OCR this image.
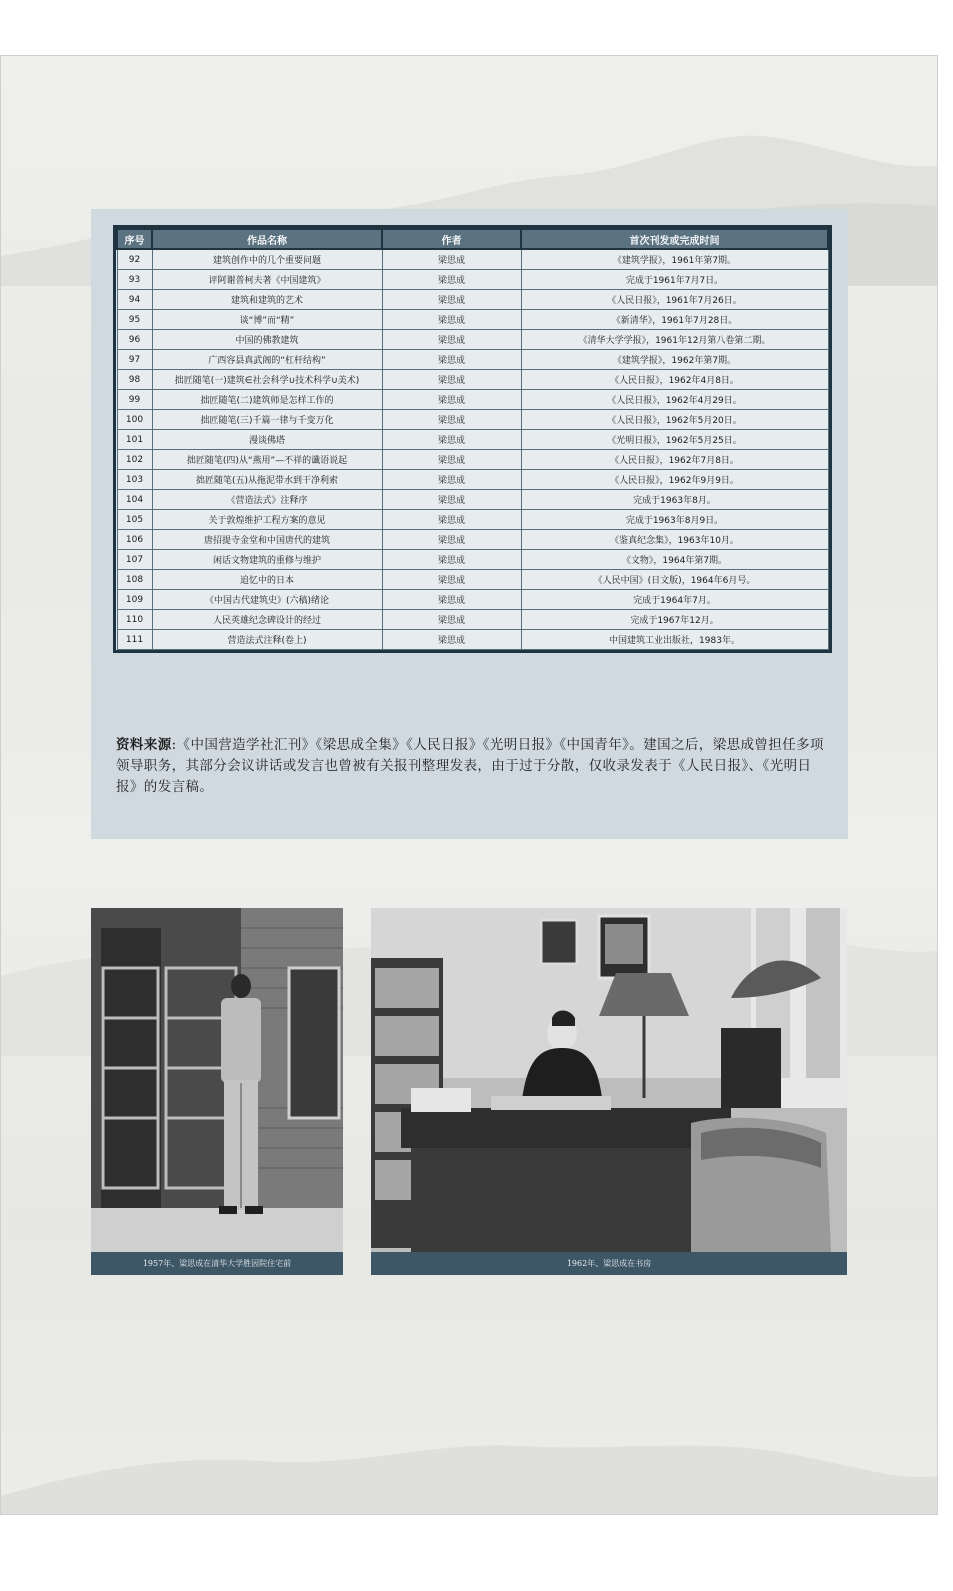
序号	作品名称	作者	首次刊发或完成时间
92	建筑创作中的几个重要问题	梁思成	《建筑学报》，1961年第7期。
93	评阿谢普柯夫著《中国建筑》	梁思成	完成于1961年7月7日。
94	建筑和建筑的艺术	梁思成	《人民日报》，1961年7月26日。
95	谈“博”而“精”	梁思成	《新清华》，1961年7月28日。
96	中国的佛教建筑	梁思成	《清华大学学报》，1961年12月第八卷第二期。
97	广西容县真武阁的“杠杆结构”	梁思成	《建筑学报》，1962年第7期。
98	拙匠随笔(一)建筑∈社会科学∪技术科学∪美术)	梁思成	《人民日报》，1962年4月8日。
99	拙匠随笔(二)建筑师是怎样工作的	梁思成	《人民日报》，1962年4月29日。
100	拙匠随笔(三)千篇一律与千变万化	梁思成	《人民日报》，1962年5月20日。
101	漫谈佛塔	梁思成	《光明日报》，1962年5月25日。
102	拙匠随笔(四)从“燕用”—不祥的谶语说起	梁思成	《人民日报》，1962年7月8日。
103	拙匠随笔(五)从拖泥带水到干净利索	梁思成	《人民日报》，1962年9月9日。
104	《营造法式》注释序	梁思成	完成于1963年8月。
105	关于敦煌维护工程方案的意见	梁思成	完成于1963年8月9日。
106	唐招提寺金堂和中国唐代的建筑	梁思成	《鉴真纪念集》，1963年10月。
107	闲话文物建筑的重修与维护	梁思成	《文物》，1964年第7期。
108	追忆中的日本	梁思成	《人民中国》(日文版)，1964年6月号。
109	《中国古代建筑史》(六稿)绪论	梁思成	完成于1964年7月。
110	人民英雄纪念碑设计的经过	梁思成	完成于1967年12月。
111	营造法式注释(卷上)	梁思成	中国建筑工业出版社，1983年。
资料来源:《中国营造学社汇刊》《梁思成全集》《人民日报》《光明日报》《中国青年》。建国之后，梁思成曾担任多项领导职务，其部分会议讲话或发言也曾被有关报刊整理发表，由于过于分散，仅收录发表于《人民日报》、《光明日报》的发言稿。
1957年、梁思成在清华大学胜因院住宅前	1962年、梁思成在书房
